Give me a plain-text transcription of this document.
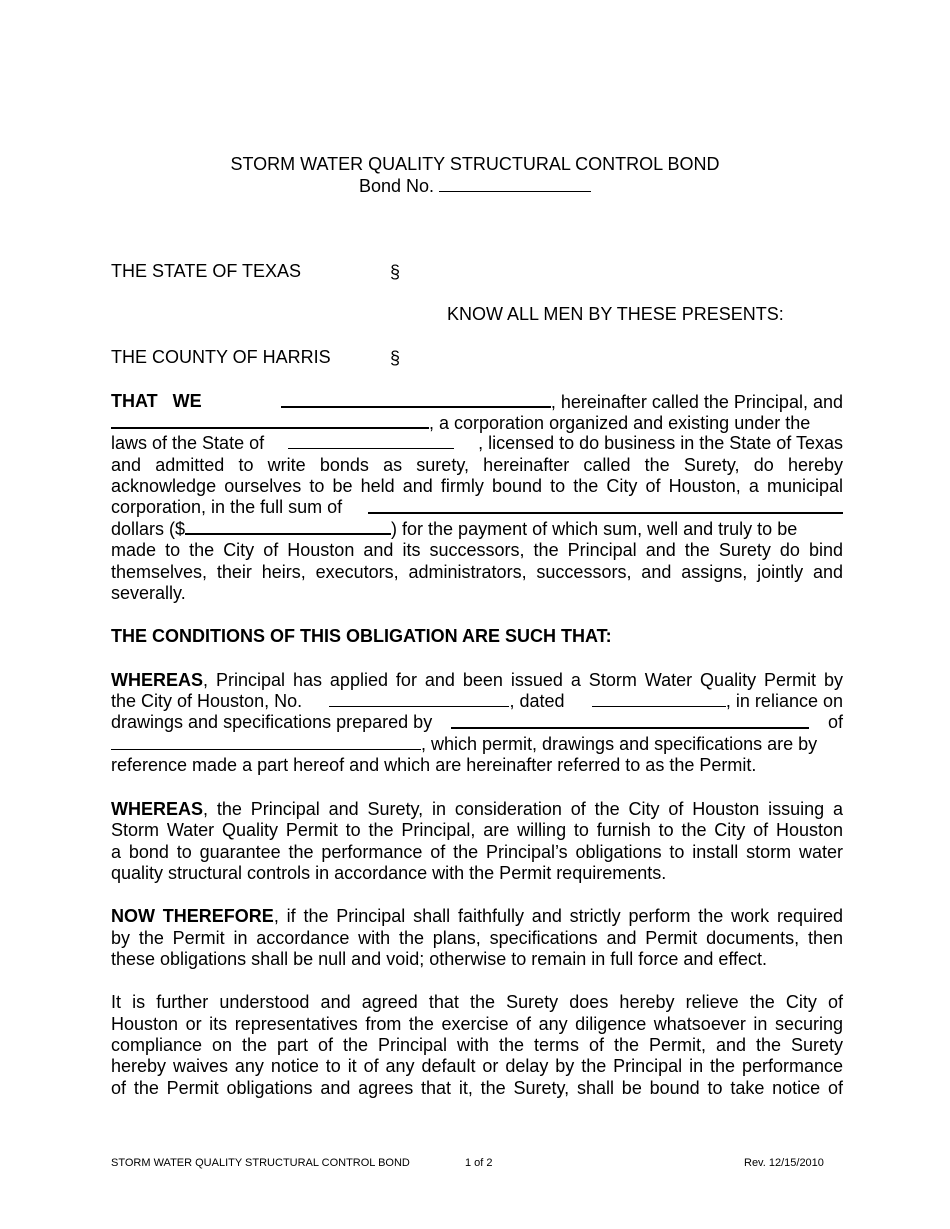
STORM WATER QUALITY STRUCTURAL CONTROL BOND
Bond No.
THE STATE OF TEXAS	§
KNOW ALL MEN BY THESE PRESENTS:
THE COUNTY OF HARRIS	§
THAT WE	, hereinafter called the Principal, and
, a corporation organized and existing under the
laws of the State of	, licensed to do business in the State of Texas
and admitted to write bonds as surety, hereinafter called the Surety, do hereby
acknowledge ourselves to be held and firmly bound to the City of Houston, a municipal
corporation, in the full sum of
dollars ($	) for the payment of which sum, well and truly to be
made to the City of Houston and its successors, the Principal and the Surety do bind
themselves, their heirs, executors, administrators, successors, and assigns, jointly and
severally.
THE CONDITIONS OF THIS OBLIGATION ARE SUCH THAT:
WHEREAS, Principal has applied for and been issued a Storm Water Quality Permit by
the City of Houston, No.	, dated	, in reliance on
drawings and specifications prepared by	of
, which permit, drawings and specifications are by
reference made a part hereof and which are hereinafter referred to as the Permit.
WHEREAS, the Principal and Surety, in consideration of the City of Houston issuing a
Storm Water Quality Permit to the Principal, are willing to furnish to the City of Houston
a bond to guarantee the performance of the Principal’s obligations to install storm water
quality structural controls in accordance with the Permit requirements.
NOW THEREFORE, if the Principal shall faithfully and strictly perform the work required
by the Permit in accordance with the plans, specifications and Permit documents, then
these obligations shall be null and void; otherwise to remain in full force and effect.
It is further understood and agreed that the Surety does hereby relieve the City of
Houston or its representatives from the exercise of any diligence whatsoever in securing
compliance on the part of the Principal with the terms of the Permit, and the Surety
hereby waives any notice to it of any default or delay by the Principal in the performance
of the Permit obligations and agrees that it, the Surety, shall be bound to take notice of
STORM WATER QUALITY STRUCTURAL CONTROL BOND	1 of 2	Rev. 12/15/2010
